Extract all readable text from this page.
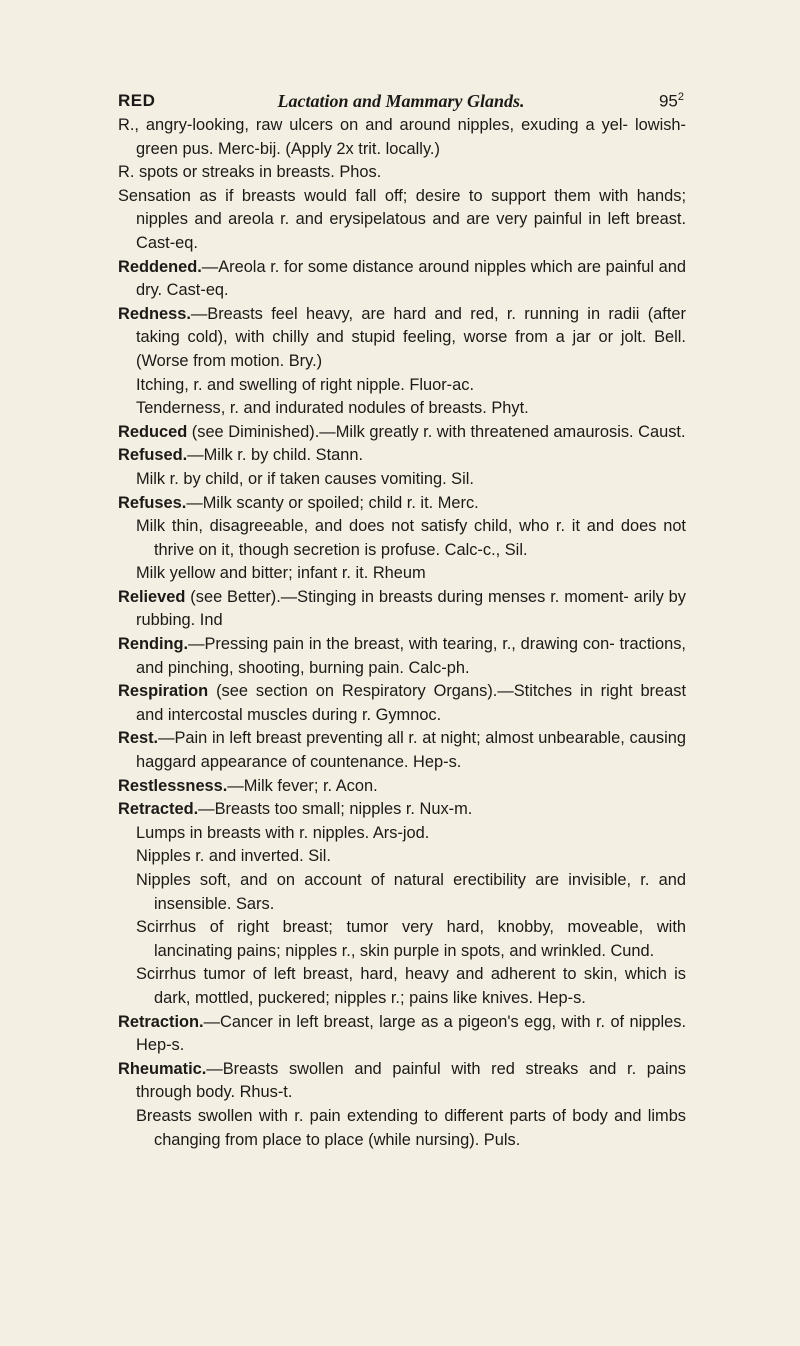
RED	Lactation and Mammary Glands.	$95^2$

R., angry-looking, raw ulcers on and around nipples, exuding a yel- lowish-green pus. Merc-bij. (Apply 2x trit. locally.)

R. spots or streaks in breasts. Phos.

Sensation as if breasts would fall off; desire to support them with hands; nipples and areola r. and erysipelatous and are very painful in left breast. Cast-eq.

Reddened.—Areola r. for some distance around nipples which are painful and dry. Cast-eq.

Redness.—Breasts feel heavy, are hard and red, r. running in radii (after taking cold), with chilly and stupid feeling, worse from a jar or jolt. Bell. (Worse from motion. Bry.)

Itching, r. and swelling of right nipple. Fluor-ac.

Tenderness, r. and indurated nodules of breasts. Phyt.

Reduced (see Diminished).—Milk greatly r. with threatened amaurosis. Caust.

Refused.—Milk r. by child. Stann.

Milk r. by child, or if taken causes vomiting. Sil.

Refuses.—Milk scanty or spoiled; child r. it. Merc.

Milk thin, disagreeable, and does not satisfy child, who r. it and does not thrive on it, though secretion is profuse. Calc-c., Sil.

Milk yellow and bitter; infant r. it. Rheum

Relieved (see Better).—Stinging in breasts during menses r. moment- arily by rubbing. Ind

Rending.—Pressing pain in the breast, with tearing, r., drawing con- tractions, and pinching, shooting, burning pain. Calc-ph.

Respiration (see section on Respiratory Organs).—Stitches in right breast and intercostal muscles during r. Gymnoc.

Rest.—Pain in left breast preventing all r. at night; almost unbearable, causing haggard appearance of countenance. Hep-s.

Restlessness.—Milk fever; r. Acon.

Retracted.—Breasts too small; nipples r. Nux-m.

Lumps in breasts with r. nipples. Ars-jod.

Nipples r. and inverted. Sil.

Nipples soft, and on account of natural erectibility are invisible, r. and insensible. Sars.

Scirrhus of right breast; tumor very hard, knobby, moveable, with lancinating pains; nipples r., skin purple in spots, and wrinkled. Cund.

Scirrhus tumor of left breast, hard, heavy and adherent to skin, which is dark, mottled, puckered; nipples r.; pains like knives. Hep-s.

Retraction.—Cancer in left breast, large as a pigeon's egg, with r. of nipples. Hep-s.

Rheumatic.—Breasts swollen and painful with red streaks and r. pains through body. Rhus-t.

Breasts swollen with r. pain extending to different parts of body and limbs changing from place to place (while nursing). Puls.
